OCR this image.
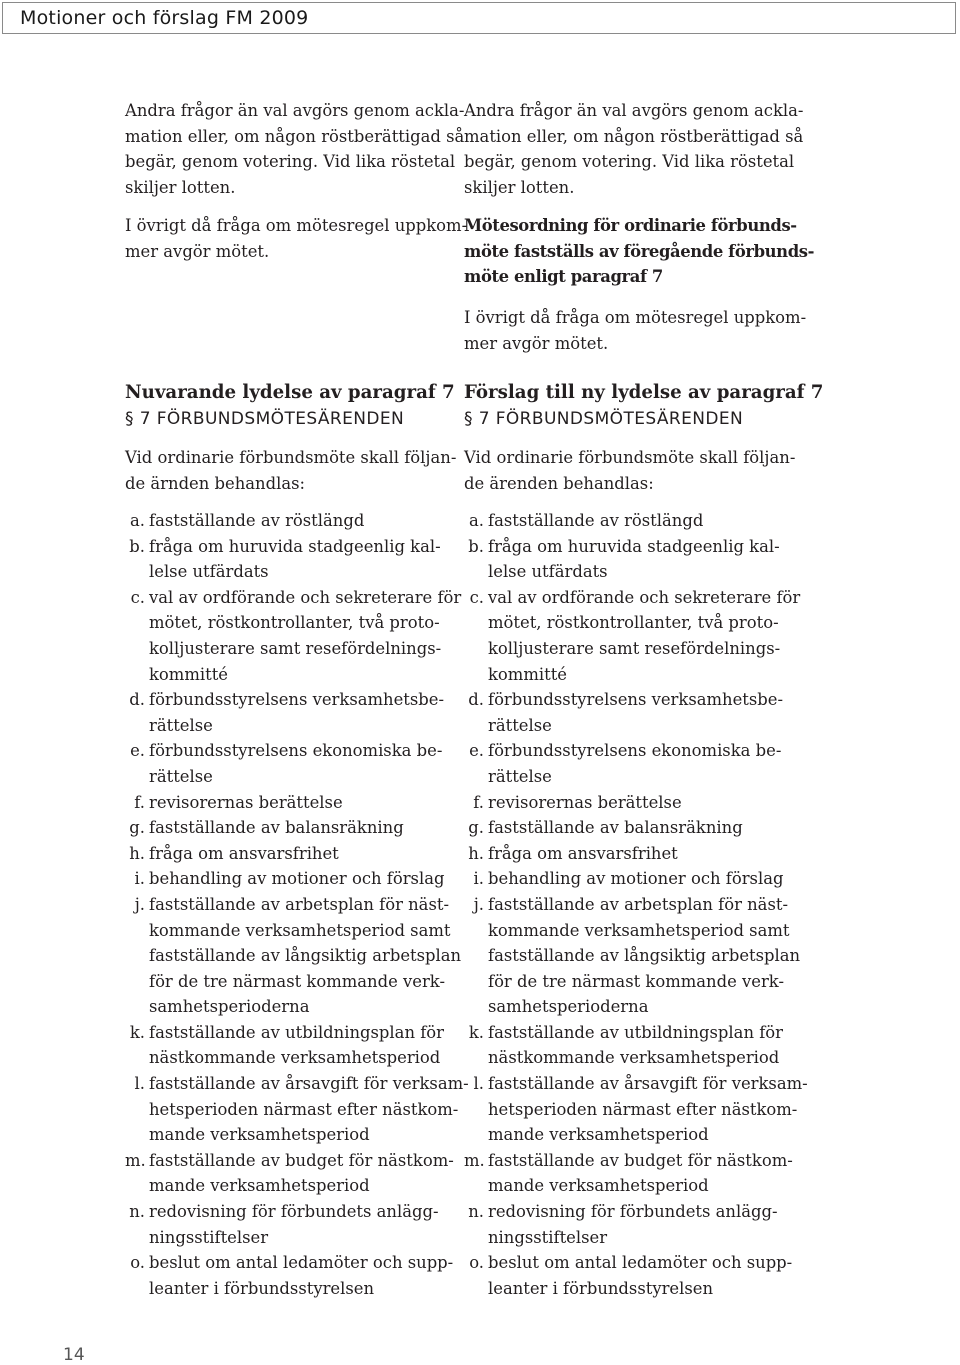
Motioner och förslag FM 2009
Andra frågor än val avgörs genom ackla-
mation eller, om någon röstberättigad så
begär, genom votering. Vid lika röstetal
skiljer lotten.
I övrigt då fråga om mötesregel uppkom-
mer avgör mötet.
Nuvarande lydelse av paragraf 7
§ 7 FÖRBUNDSMÖTESÄRENDEN
Vid ordinarie förbundsmöte skall följan-
de ärnden behandlas:
a. fastställande av röstlängd
b. fråga om huruvida stadgeenlig kal-
lelse utfärdats
c. val av ordförande och sekreterare för
mötet, röstkontrollanter, två proto-
kolljusterare samt resefördelnings-
kommitté
d. förbundsstyrelsens verksamhetsbe-
rättelse
e. förbundsstyrelsens ekonomiska be-
rättelse
f. revisorernas berättelse
g. fastställande av balansräkning
h. fråga om ansvarsfrihet
i. behandling av motioner och förslag
j. fastställande av arbetsplan för näst-
kommande verksamhetsperiod samt
fastställande av långsiktig arbetsplan
för de tre närmast kommande verk-
samhetsperioderna
k. fastställande av utbildningsplan för
nästkommande verksamhetsperiod
l. fastställande av årsavgift för verksam-
hetsperioden närmast efter nästkom-
mande verksamhetsperiod
m. fastställande av budget för nästkom-
mande verksamhetsperiod
n. redovisning för förbundets anlägg-
ningsstiftelser
o. beslut om antal ledamöter och supp-
leanter i förbundsstyrelsen
Andra frågor än val avgörs genom ackla-
mation eller, om någon röstberättigad så
begär, genom votering. Vid lika röstetal
skiljer lotten.
Mötesordning för ordinarie förbunds-
möte fastställs av föregående förbunds-
möte enligt paragraf 7
I övrigt då fråga om mötesregel uppkom-
mer avgör mötet.
Förslag till ny lydelse av paragraf 7
§ 7 FÖRBUNDSMÖTESÄRENDEN
Vid ordinarie förbundsmöte skall följan-
de ärenden behandlas:
a. fastställande av röstlängd
b. fråga om huruvida stadgeenlig kal-
lelse utfärdats
c. val av ordförande och sekreterare för
mötet, röstkontrollanter, två proto-
kolljusterare samt resefördelnings-
kommitté
d. förbundsstyrelsens verksamhetsbe-
rättelse
e. förbundsstyrelsens ekonomiska be-
rättelse
f. revisorernas berättelse
g. fastställande av balansräkning
h. fråga om ansvarsfrihet
i. behandling av motioner och förslag
j. fastställande av arbetsplan för näst-
kommande verksamhetsperiod samt
fastställande av långsiktig arbetsplan
för de tre närmast kommande verk-
samhetsperioderna
k. fastställande av utbildningsplan för
nästkommande verksamhetsperiod
l. fastställande av årsavgift för verksam-
hetsperioden närmast efter nästkom-
mande verksamhetsperiod
m. fastställande av budget för nästkom-
mande verksamhetsperiod
n. redovisning för förbundets anlägg-
ningsstiftelser
o. beslut om antal ledamöter och supp-
leanter i förbundsstyrelsen
14
